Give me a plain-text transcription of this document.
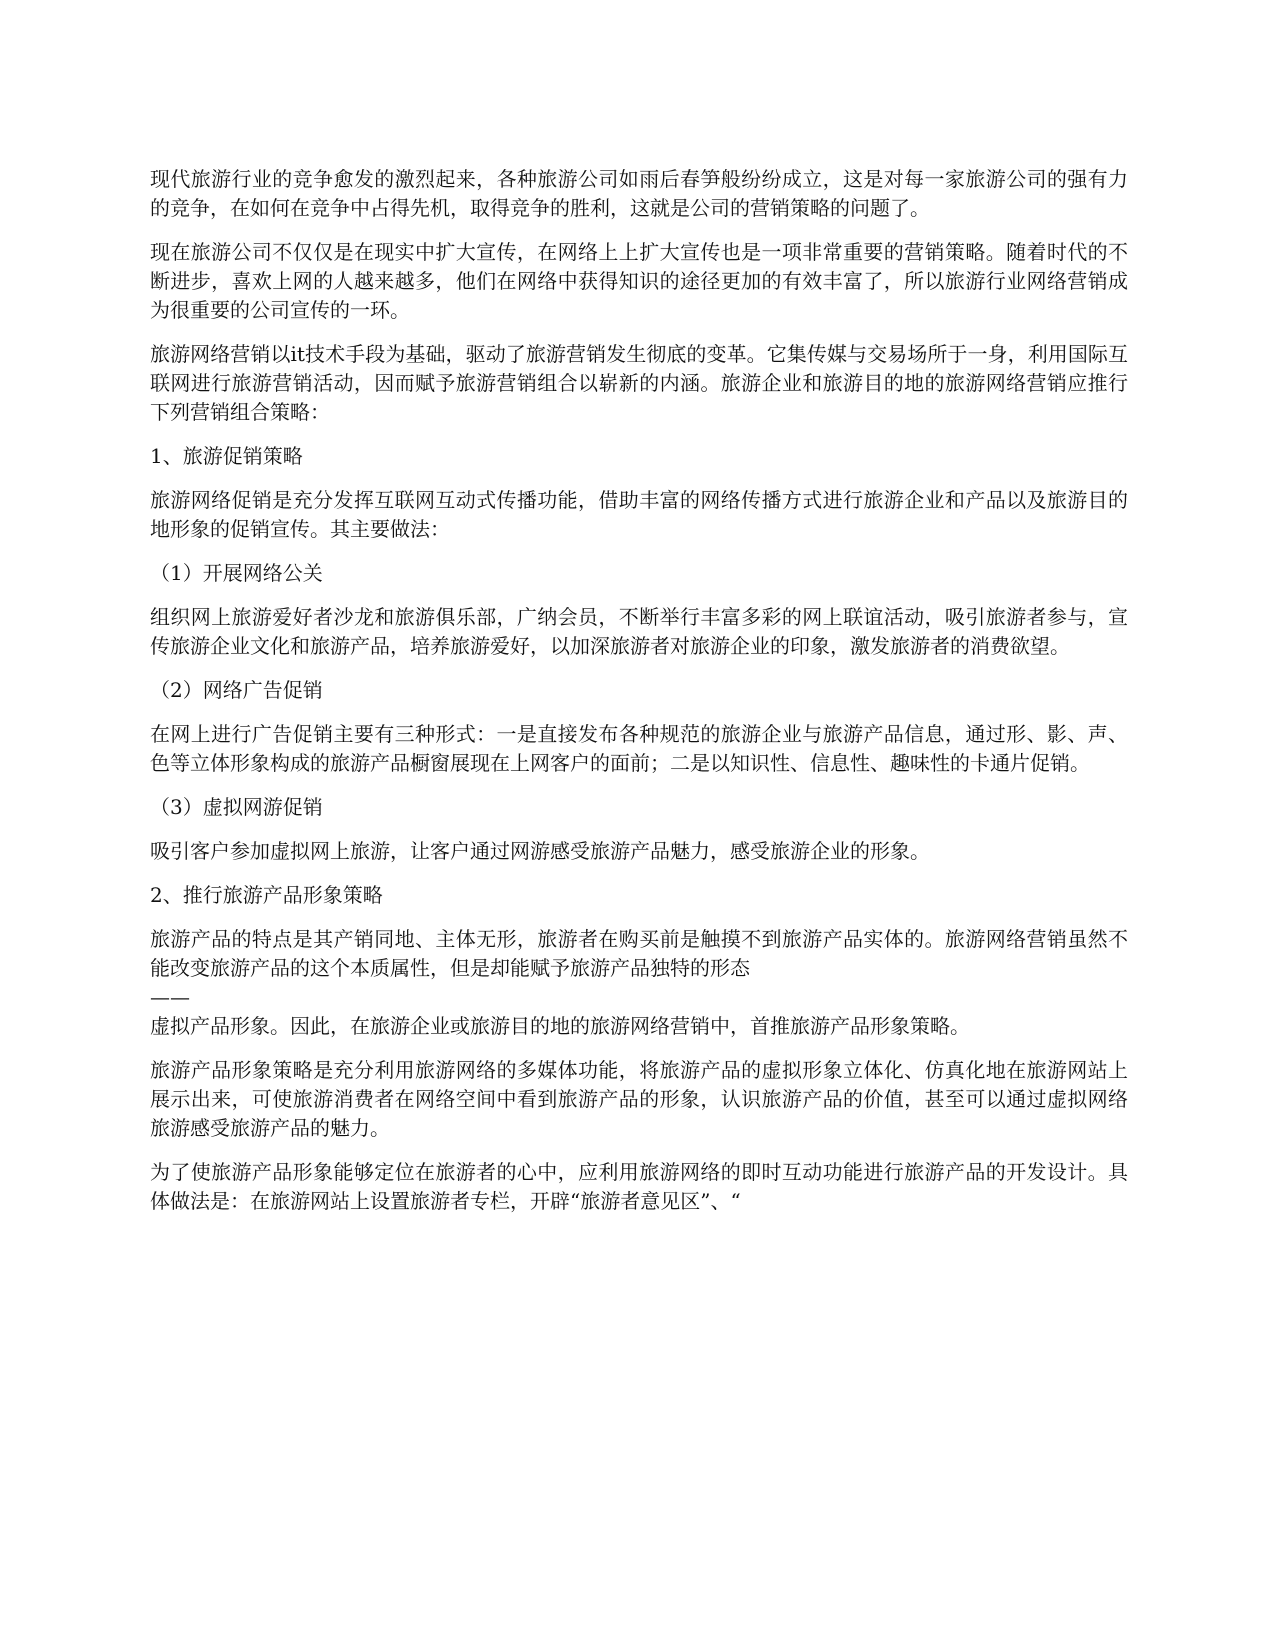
现代旅游行业的竞争愈发的激烈起来，各种旅游公司如雨后春笋般纷纷成立，这是对每一家旅游公司的强有力的竞争，在如何在竞争中占得先机，取得竞争的胜利，这就是公司的营销策略的问题了。

现在旅游公司不仅仅是在现实中扩大宣传，在网络上上扩大宣传也是一项非常重要的营销策略。随着时代的不断进步，喜欢上网的人越来越多，他们在网络中获得知识的途径更加的有效丰富了，所以旅游行业网络营销成为很重要的公司宣传的一环。

旅游网络营销以it技术手段为基础，驱动了旅游营销发生彻底的变革。它集传媒与交易场所于一身，利用国际互联网进行旅游营销活动，因而赋予旅游营销组合以崭新的内涵。旅游企业和旅游目的地的旅游网络营销应推行下列营销组合策略：

1、旅游促销策略

旅游网络促销是充分发挥互联网互动式传播功能，借助丰富的网络传播方式进行旅游企业和产品以及旅游目的地形象的促销宣传。其主要做法：

（1）开展网络公关

组织网上旅游爱好者沙龙和旅游俱乐部，广纳会员，不断举行丰富多彩的网上联谊活动，吸引旅游者参与，宣传旅游企业文化和旅游产品，培养旅游爱好，以加深旅游者对旅游企业的印象，激发旅游者的消费欲望。

（2）网络广告促销

在网上进行广告促销主要有三种形式：一是直接发布各种规范的旅游企业与旅游产品信息，通过形、影、声、色等立体形象构成的旅游产品橱窗展现在上网客户的面前；二是以知识性、信息性、趣味性的卡通片促销。

（3）虚拟网游促销

吸引客户参加虚拟网上旅游，让客户通过网游感受旅游产品魅力，感受旅游企业的形象。

2、推行旅游产品形象策略

旅游产品的特点是其产销同地、主体无形，旅游者在购买前是触摸不到旅游产品实体的。旅游网络营销虽然不能改变旅游产品的这个本质属性，但是却能赋予旅游产品独特的形态

——

虚拟产品形象。因此，在旅游企业或旅游目的地的旅游网络营销中，首推旅游产品形象策略。

旅游产品形象策略是充分利用旅游网络的多媒体功能，将旅游产品的虚拟形象立体化、仿真化地在旅游网站上展示出来，可使旅游消费者在网络空间中看到旅游产品的形象，认识旅游产品的价值，甚至可以通过虚拟网络旅游感受旅游产品的魅力。

为了使旅游产品形象能够定位在旅游者的心中，应利用旅游网络的即时互动功能进行旅游产品的开发设计。具体做法是：在旅游网站上设置旅游者专栏，开辟“旅游者意见区”、“
